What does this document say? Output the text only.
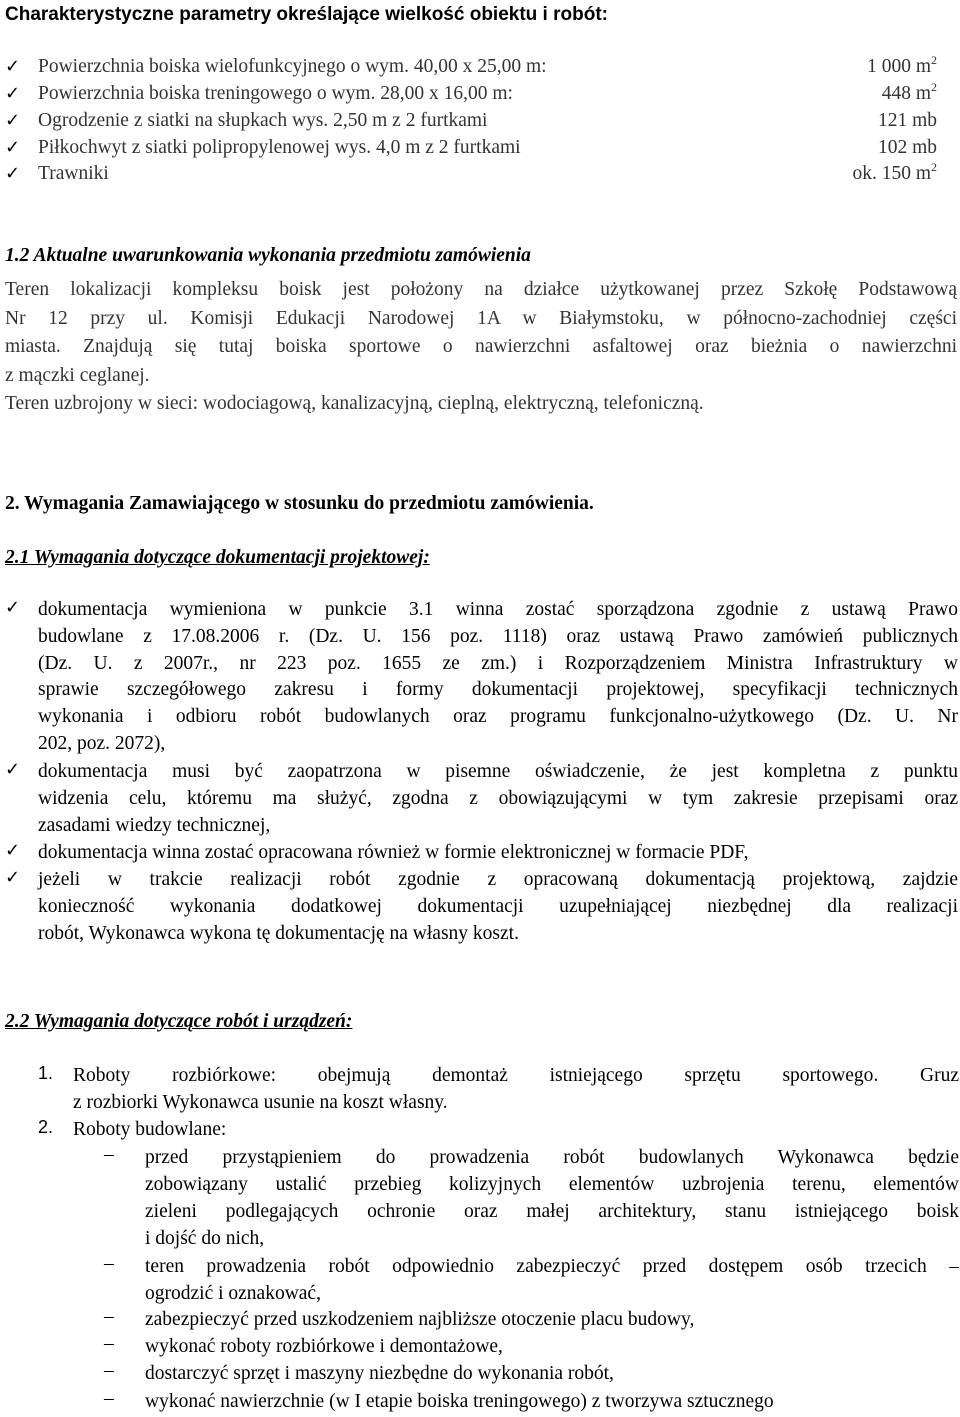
Charakterystyczne parametry określające wielkość obiektu i robót:
✓ Powierzchnia boiska wielofunkcyjnego o wym. 40,00 x 25,00 m:	1 000 $m^2$
✓ Powierzchnia boiska treningowego o wym. 28,00 x 16,00 m:	448 $m^2$
✓ Ogrodzenie z siatki na słupkach wys. 2,50 m z 2 furtkami	121 mb
✓ Piłkochwyt z siatki polipropylenowej wys. 4,0 m z 2 furtkami	102 mb
✓ Trawniki	ok. 150 $m^2$
1.2 Aktualne uwarunkowania wykonania przedmiotu zamówienia
Teren lokalizacji kompleksu boisk jest położony na działce użytkowanej przez Szkołę Podstawową
Nr 12 przy ul. Komisji Edukacji Narodowej 1A w Białymstoku, w północno-zachodniej części
miasta. Znajdują się tutaj boiska sportowe o nawierzchni asfaltowej oraz bieżnia o nawierzchni
z mączki ceglanej.
Teren uzbrojony w sieci: wodociagową, kanalizacyjną, cieplną, elektryczną, telefoniczną.
2. Wymagania Zamawiającego w stosunku do przedmiotu zamówienia.
2.1 Wymagania dotyczące dokumentacji projektowej:
✓ dokumentacja wymieniona w punkcie 3.1 winna zostać sporządzona zgodnie z ustawą Prawo
budowlane z 17.08.2006 r. (Dz. U. 156 poz. 1118) oraz ustawą Prawo zamówień publicznych
(Dz. U. z 2007r., nr 223 poz. 1655 ze zm.) i Rozporządzeniem Ministra Infrastruktury w
sprawie szczegółowego zakresu i formy dokumentacji projektowej, specyfikacji technicznych
wykonania i odbioru robót budowlanych oraz programu funkcjonalno-użytkowego (Dz. U. Nr
202, poz. 2072),
✓ dokumentacja musi być zaopatrzona w pisemne oświadczenie, że jest kompletna z punktu
widzenia celu, któremu ma służyć, zgodna z obowiązującymi w tym zakresie przepisami oraz
zasadami wiedzy technicznej,
✓ dokumentacja winna zostać opracowana również w formie elektronicznej w formacie PDF,
✓ jeżeli w trakcie realizacji robót zgodnie z opracowaną dokumentacją projektową, zajdzie
konieczność wykonania dodatkowej dokumentacji uzupełniającej niezbędnej dla realizacji
robót, Wykonawca wykona tę dokumentację na własny koszt.
2.2 Wymagania dotyczące robót i urządzeń:
1. Roboty rozbiórkowe: obejmują demontaż istniejącego sprzętu sportowego. Gruz
z rozbiorki Wykonawca usunie na koszt własny.
2. Roboty budowlane:
– przed przystąpieniem do prowadzenia robót budowlanych Wykonawca będzie
zobowiązany ustalić przebieg kolizyjnych elementów uzbrojenia terenu, elementów
zieleni podlegających ochronie oraz małej architektury, stanu istniejącego boisk
i dojść do nich,
– teren prowadzenia robót odpowiednio zabezpieczyć przed dostępem osób trzecich –
ogrodzić i oznakować,
– zabezpieczyć przed uszkodzeniem najbliższe otoczenie placu budowy,
– wykonać roboty rozbiórkowe i demontażowe,
– dostarczyć sprzęt i maszyny niezbędne do wykonania robót,
– wykonać nawierzchnie (w I etapie boiska treningowego) z tworzywa sztucznego
